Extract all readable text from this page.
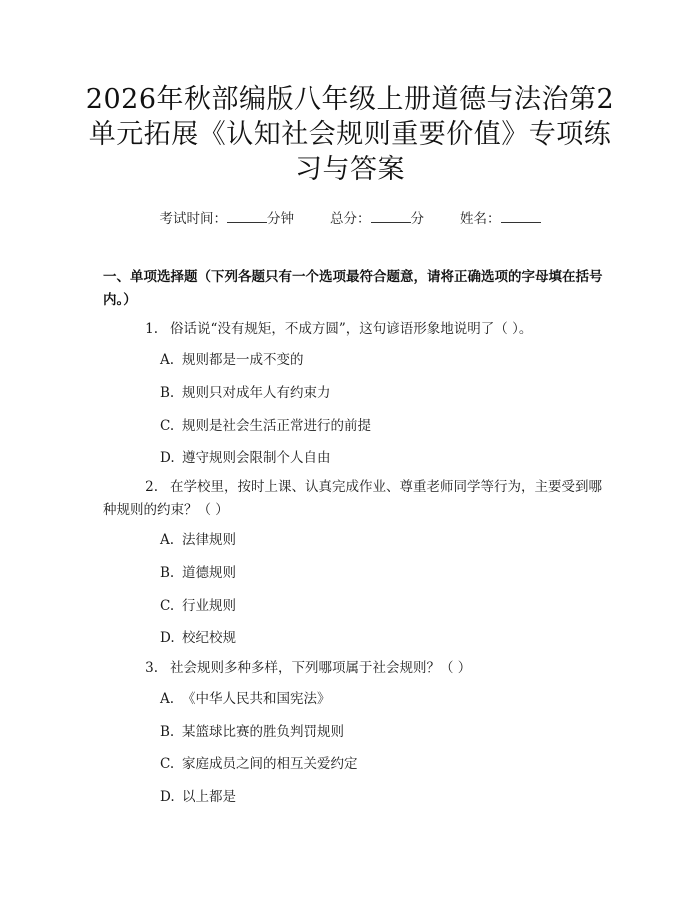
2026年秋部编版八年级上册道德与法治第2
单元拓展《认知社会规则重要价值》专项练
习与答案
考试时间：	分钟	总分：	分	姓名：
一、单项选择题（下列各题只有一个选项最符合题意，请将正确选项的字母填在括号内。）
1. 俗话说“没有规矩，不成方圆”，这句谚语形象地说明了（ ）。
A. 规则都是一成不变的
B. 规则只对成年人有约束力
C. 规则是社会生活正常进行的前提
D. 遵守规则会限制个人自由
2. 在学校里，按时上课、认真完成作业、尊重老师同学等行为，主要受到哪种规则的约束？（ ）
A. 法律规则
B. 道德规则
C. 行业规则
D. 校纪校规
3. 社会规则多种多样，下列哪项属于社会规则？（ ）
A. 《中华人民共和国宪法》
B. 某篮球比赛的胜负判罚规则
C. 家庭成员之间的相互关爱约定
D. 以上都是
